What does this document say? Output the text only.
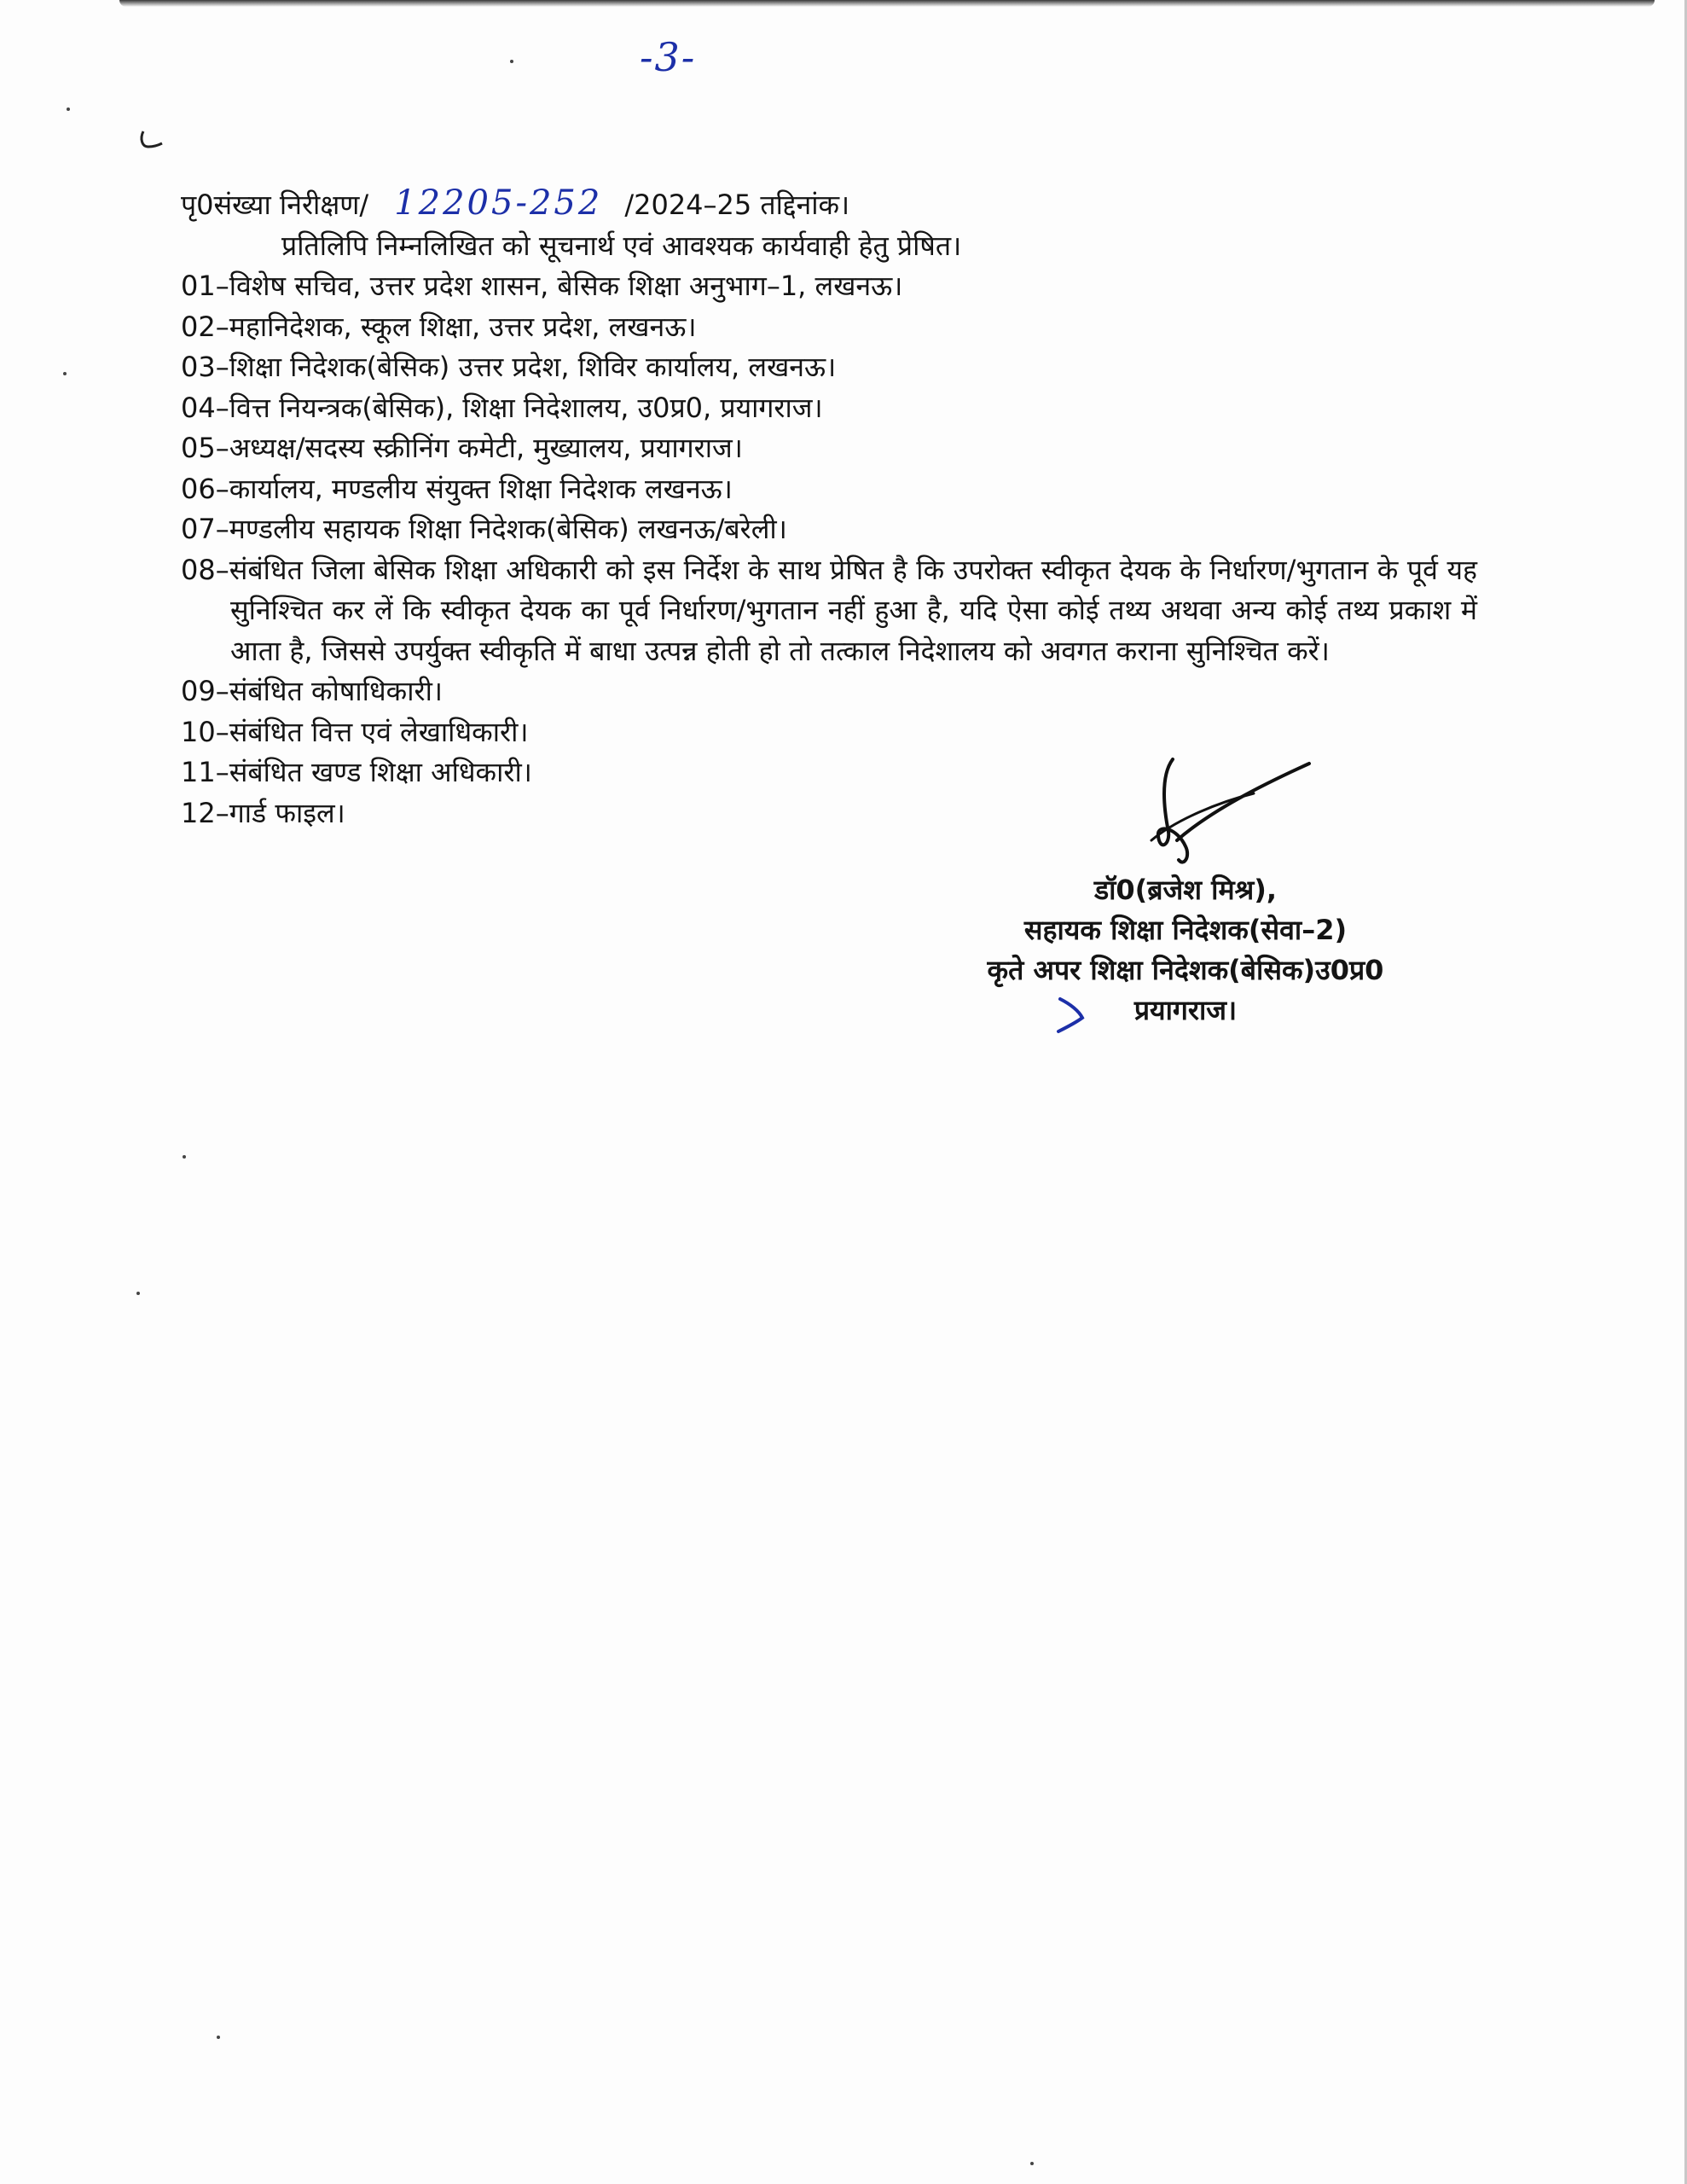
-3-
पृ0संख्या निरीक्षण/ 12205-252 /2024–25 तद्दिनांक।
प्रतिलिपि निम्नलिखित को सूचनार्थ एवं आवश्यक कार्यवाही हेतु प्रेषित।
01–विशेष सचिव, उत्तर प्रदेश शासन, बेसिक शिक्षा अनुभाग–1, लखनऊ।
02–महानिदेशक, स्कूल शिक्षा, उत्तर प्रदेश, लखनऊ।
03–शिक्षा निदेशक(बेसिक) उत्तर प्रदेश, शिविर कार्यालय, लखनऊ।
04–वित्त नियन्त्रक(बेसिक), शिक्षा निदेशालय, उ0प्र0, प्रयागराज।
05–अध्यक्ष/सदस्य स्क्रीनिंग कमेटी, मुख्यालय, प्रयागराज।
06–कार्यालय, मण्डलीय संयुक्त शिक्षा निदेशक लखनऊ।
07–मण्डलीय सहायक शिक्षा निदेशक(बेसिक) लखनऊ/बरेली।
08–संबंधित जिला बेसिक शिक्षा अधिकारी को इस निर्देश के साथ प्रेषित है कि उपरोक्त स्वीकृत देयक के निर्धारण/भुगतान के पूर्व यह सुनिश्चित कर लें कि स्वीकृत देयक का पूर्व निर्धारण/भुगतान नहीं हुआ है, यदि ऐसा कोई तथ्य अथवा अन्य कोई तथ्य प्रकाश में आता है, जिससे उपर्युक्त स्वीकृति में बाधा उत्पन्न होती हो तो तत्काल निदेशालय को अवगत कराना सुनिश्चित करें।
09–संबंधित कोषाधिकारी।
10–संबंधित वित्त एवं लेखाधिकारी।
11–संबंधित खण्ड शिक्षा अधिकारी।
12–गार्ड फाइल।
डॉ0(ब्रजेश मिश्र),
सहायक शिक्षा निदेशक(सेवा–2)
कृते अपर शिक्षा निदेशक(बेसिक)उ0प्र0
प्रयागराज।
